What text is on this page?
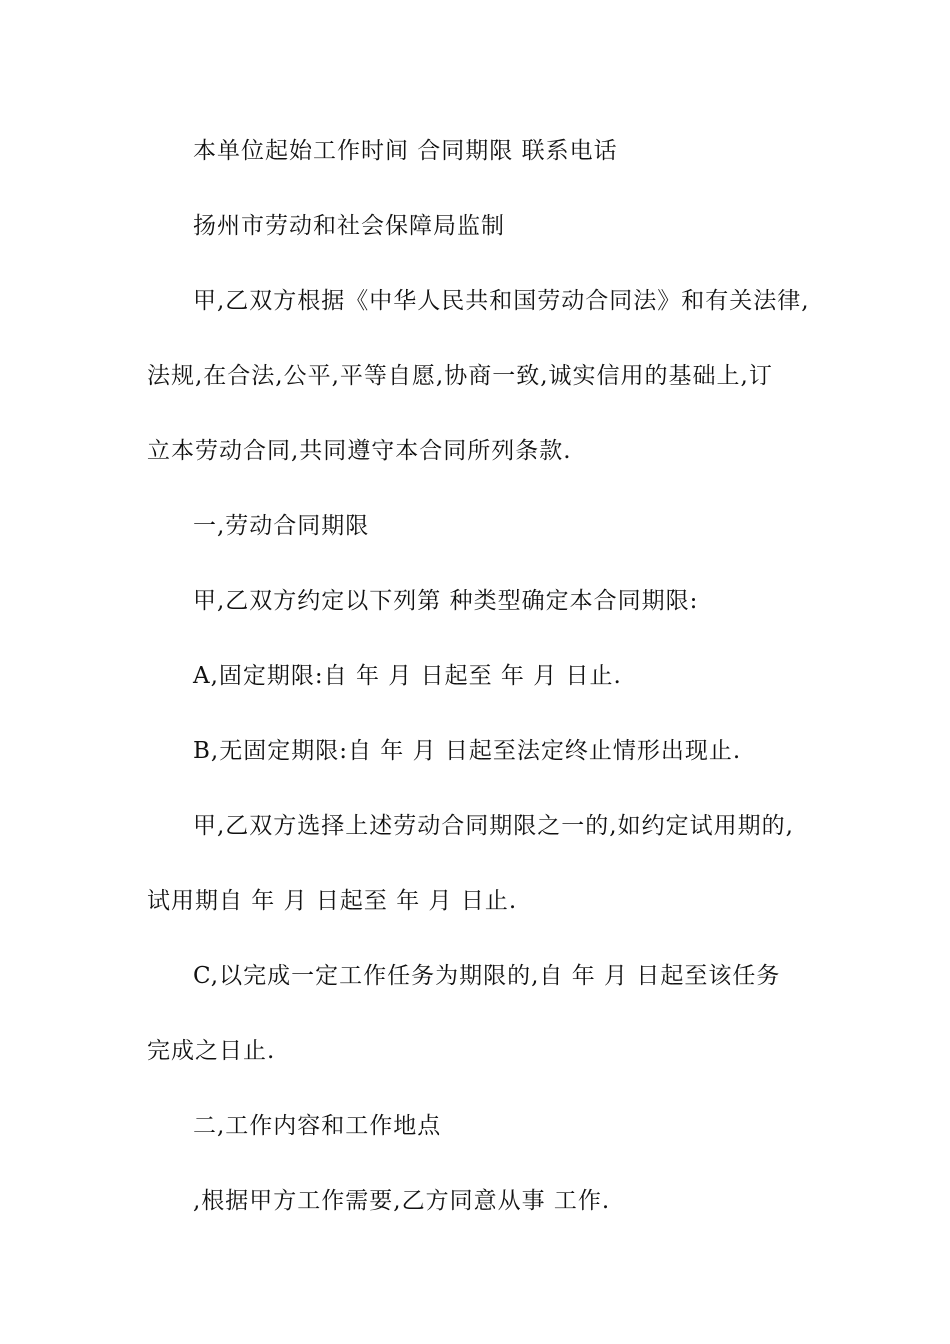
本单位起始工作时间 合同期限 联系电话
扬州市劳动和社会保障局监制
甲,乙双方根据《中华人民共和国劳动合同法》和有关法律,
法规,在合法,公平,平等自愿,协商一致,诚实信用的基础上,订
立本劳动合同,共同遵守本合同所列条款.
一,劳动合同期限
甲,乙双方约定以下列第 种类型确定本合同期限:
A,固定期限:自 年 月 日起至 年 月 日止.
B,无固定期限:自 年 月 日起至法定终止情形出现止.
甲,乙双方选择上述劳动合同期限之一的,如约定试用期的,
试用期自 年 月 日起至 年 月 日止.
C,以完成一定工作任务为期限的,自 年 月 日起至该任务
完成之日止.
二,工作内容和工作地点
,根据甲方工作需要,乙方同意从事 工作.
